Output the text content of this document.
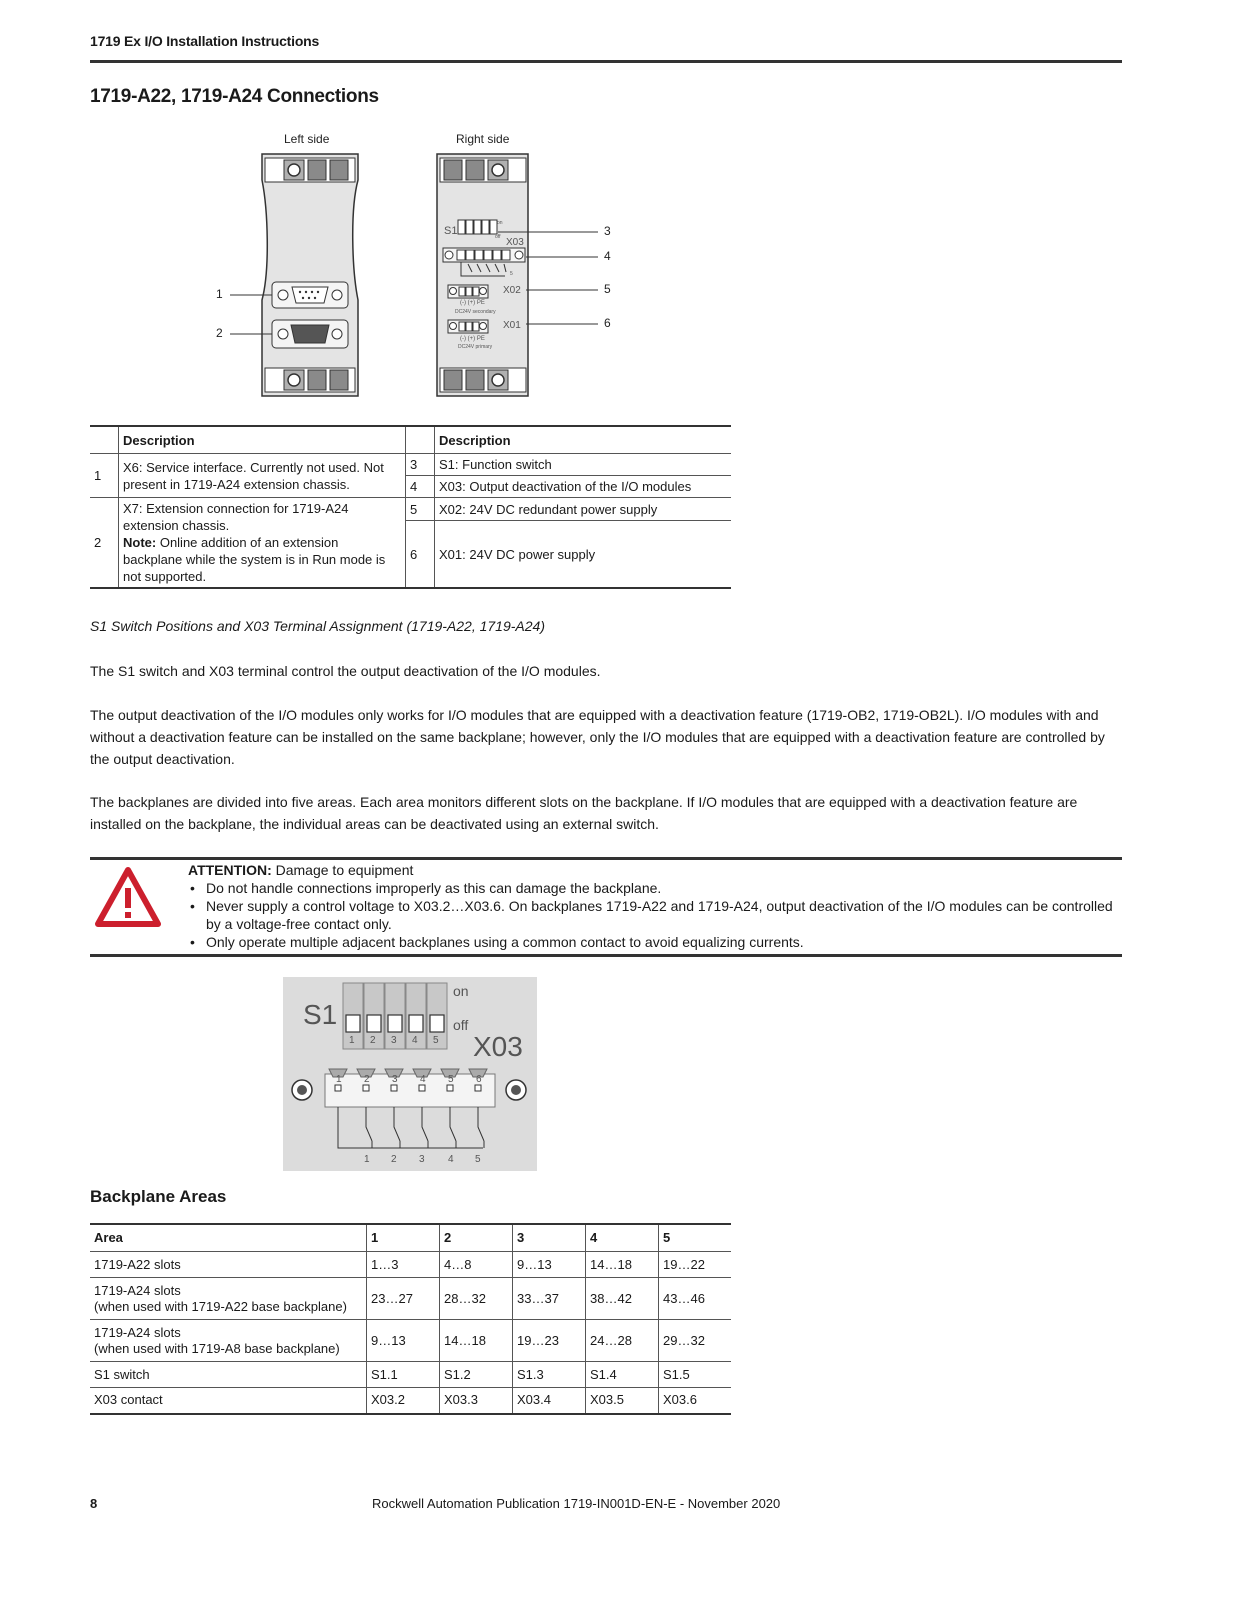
1719 Ex I/O Installation Instructions
1719-A22, 1719-A24 Connections
Left side	Right side
S1
on
off X03
5
X02
(-) (+) PE
DC24V secondary
X01
(-) (+) PE
DC24V primary
1
2
3
4
5
6
	Description		Description
1	X6: Service interface. Currently not used. Not present in 1719-A24 extension chassis.	3	S1: Function switch
		4	X03: Output deactivation of the I/O modules
2	X7: Extension connection for 1719-A24 extension chassis.
Note: Online addition of an extension backplane while the system is in Run mode is not supported.	5	X02: 24V DC redundant power supply
		6	X01: 24V DC power supply
S1 Switch Positions and X03 Terminal Assignment (1719-A22, 1719-A24)
The S1 switch and X03 terminal control the output deactivation of the I/O modules.
The output deactivation of the I/O modules only works for I/O modules that are equipped with a deactivation feature (1719-OB2, 1719-OB2L). I/O modules with and without a deactivation feature can be installed on the same backplane; however, only the I/O modules that are equipped with a deactivation feature are controlled by the output deactivation.
The backplanes are divided into five areas. Each area monitors different slots on the backplane. If I/O modules that are equipped with a deactivation feature are installed on the backplane, the individual areas can be deactivated using an external switch.
ATTENTION: Damage to equipment
• Do not handle connections improperly as this can damage the backplane.
• Never supply a control voltage to X03.2…X03.6. On backplanes 1719-A22 and 1719-A24, output deactivation of the I/O modules can be controlled by a voltage-free contact only.
• Only operate multiple adjacent backplanes using a common contact to avoid equalizing currents.
S1
on
off
X03
1 2 3 4 5
1 2 3 4 5 6
1 2 3 4 5
Backplane Areas
Area	1	2	3	4	5
1719-A22 slots	1…3	4…8	9…13	14…18	19…22
1719-A24 slots
(when used with 1719-A22 base backplane)	23…27	28…32	33…37	38…42	43…46
1719-A24 slots
(when used with 1719-A8 base backplane)	9…13	14…18	19…23	24…28	29…32
S1 switch	S1.1	S1.2	S1.3	S1.4	S1.5
X03 contact	X03.2	X03.3	X03.4	X03.5	X03.6
8	Rockwell Automation Publication 1719-IN001D-EN-E - November 2020
